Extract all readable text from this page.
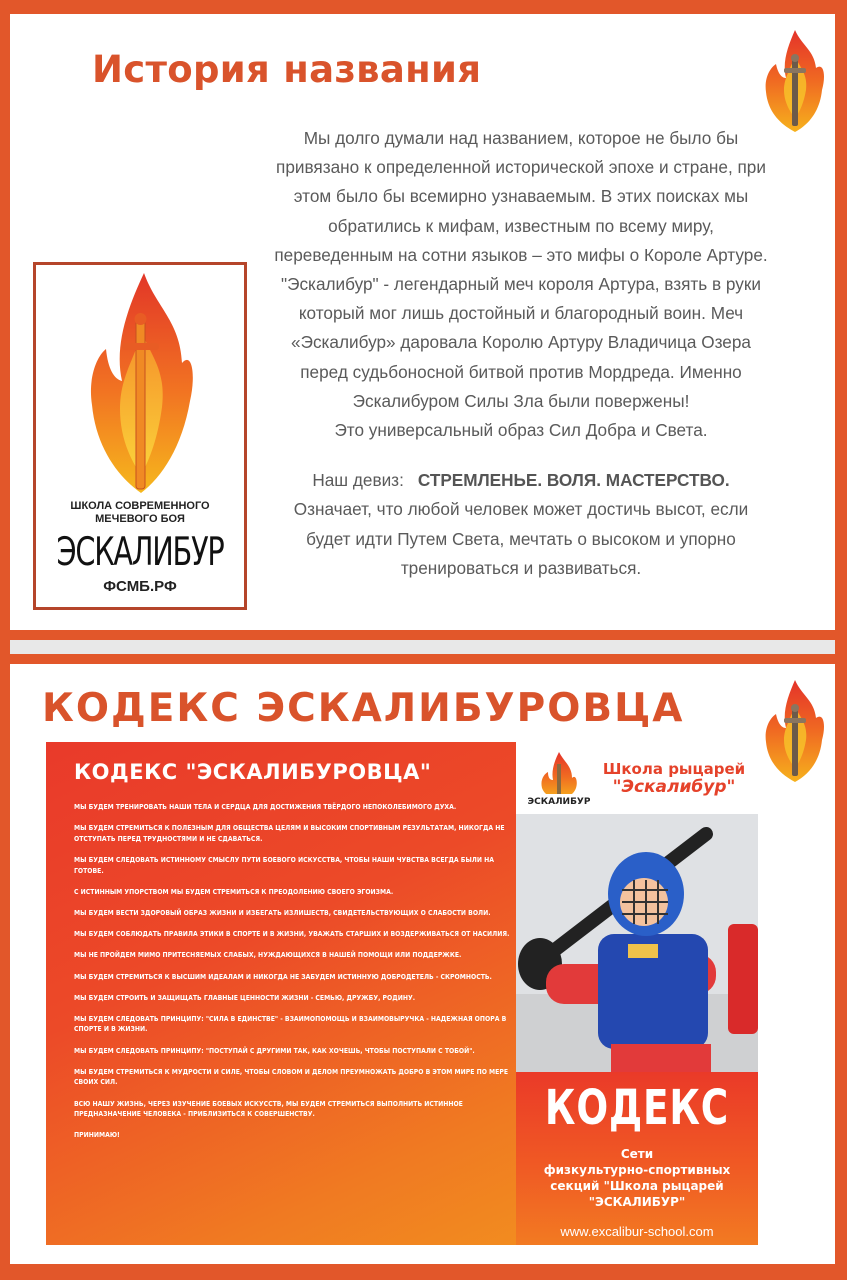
История названия

Мы долго думали над названием, которое не было бы

привязано к определенной исторической эпохе и стране, при

этом было бы всемирно узнаваемым. В этих поисках мы

обратились к мифам, известным по всему миру,

переведенным на сотни языков – это мифы о Короле Артуре.

"Эскалибур" - легендарный меч короля Артура, взять в руки

который мог лишь достойный и благородный воин. Меч

«Эскалибур» даровала Королю Артуру Владичица Озера

перед судьбоносной битвой против Мордреда. Именно

Эскалибуром Силы Зла были повержены!

Это универсальный образ Сил Добра и Света.

Наш девиз: СТРЕМЛЕНЬЕ. ВОЛЯ. МАСТЕРСТВО.

Означает, что любой человек может достичь высот, если

будет идти Путем Света, мечтать о высоком и упорно

тренироваться и развиваться.

ШКОЛА СОВРЕМЕННОГО
МЕЧЕВОГО БОЯ
ЭСКАЛИБУР
ФСМБ.РФ
КОДЕКС ЭСКАЛИБУРОВЦА
КОДЕКС "ЭСКАЛИБУРОВЦА"

МЫ БУДЕМ ТРЕНИРОВАТЬ НАШИ ТЕЛА И СЕРДЦА ДЛЯ ДОСТИЖЕНИЯ ТВЁРДОГО НЕПОКОЛЕБИМОГО ДУХА.

МЫ БУДЕМ СТРЕМИТЬСЯ К ПОЛЕЗНЫМ ДЛЯ ОБЩЕСТВА ЦЕЛЯМ И ВЫСОКИМ СПОРТИВНЫМ РЕЗУЛЬТАТАМ, НИКОГДА НЕ ОТСТУПАТЬ ПЕРЕД ТРУДНОСТЯМИ И НЕ СДАВАТЬСЯ.

МЫ БУДЕМ СЛЕДОВАТЬ ИСТИННОМУ СМЫСЛУ ПУТИ БОЕВОГО ИСКУССТВА, ЧТОБЫ НАШИ ЧУВСТВА ВСЕГДА БЫЛИ НА ГОТОВЕ.

С ИСТИННЫМ УПОРСТВОМ МЫ БУДЕМ СТРЕМИТЬСЯ К ПРЕОДОЛЕНИЮ СВОЕГО ЭГОИЗМА.

МЫ БУДЕМ ВЕСТИ ЗДОРОВЫЙ ОБРАЗ ЖИЗНИ И ИЗБЕГАТЬ ИЗЛИШЕСТВ, СВИДЕТЕЛЬСТВУЮЩИХ О СЛАБОСТИ ВОЛИ.

МЫ БУДЕМ СОБЛЮДАТЬ ПРАВИЛА ЭТИКИ В СПОРТЕ И В ЖИЗНИ, УВАЖАТЬ СТАРШИХ И ВОЗДЕРЖИВАТЬСЯ ОТ НАСИЛИЯ.

МЫ НЕ ПРОЙДЕМ МИМО ПРИТЕСНЯЕМЫХ СЛАБЫХ, НУЖДАЮЩИХСЯ В НАШЕЙ ПОМОЩИ ИЛИ ПОДДЕРЖКЕ.

МЫ БУДЕМ СТРЕМИТЬСЯ К ВЫСШИМ ИДЕАЛАМ И НИКОГДА НЕ ЗАБУДЕМ ИСТИННУЮ ДОБРОДЕТЕЛЬ - СКРОМНОСТЬ.

МЫ БУДЕМ СТРОИТЬ И ЗАЩИЩАТЬ ГЛАВНЫЕ ЦЕННОСТИ ЖИЗНИ - СЕМЬЮ, ДРУЖБУ, РОДИНУ.

МЫ БУДЕМ СЛЕДОВАТЬ ПРИНЦИПУ: "СИЛА В ЕДИНСТВЕ" - ВЗАИМОПОМОЩЬ И ВЗАИМОВЫРУЧКА - НАДЕЖНАЯ ОПОРА В СПОРТЕ И В ЖИЗНИ.

МЫ БУДЕМ СЛЕДОВАТЬ ПРИНЦИПУ: "ПОСТУПАЙ С ДРУГИМИ ТАК, КАК ХОЧЕШЬ, ЧТОБЫ ПОСТУПАЛИ С ТОБОЙ".

МЫ БУДЕМ СТРЕМИТЬСЯ К МУДРОСТИ И СИЛЕ, ЧТОБЫ СЛОВОМ И ДЕЛОМ ПРЕУМНОЖАТЬ ДОБРО В ЭТОМ МИРЕ ПО МЕРЕ СВОИХ СИЛ.

ВСЮ НАШУ ЖИЗНЬ, ЧЕРЕЗ ИЗУЧЕНИЕ БОЕВЫХ ИСКУССТВ, МЫ БУДЕМ СТРЕМИТЬСЯ ВЫПОЛНИТЬ ИСТИННОЕ ПРЕДНАЗНАЧЕНИЕ ЧЕЛОВЕКА - ПРИБЛИЗИТЬСЯ К СОВЕРШЕНСТВУ.

ПРИНИМАЮ!

ЭСКАЛИБУР
Школа рыцарей
"Эскалибур"
КОДЕКС
Сети
физкультурно-спортивных
секций "Школа рыцарей
"ЭСКАЛИБУР"
www.excalibur-school.com
